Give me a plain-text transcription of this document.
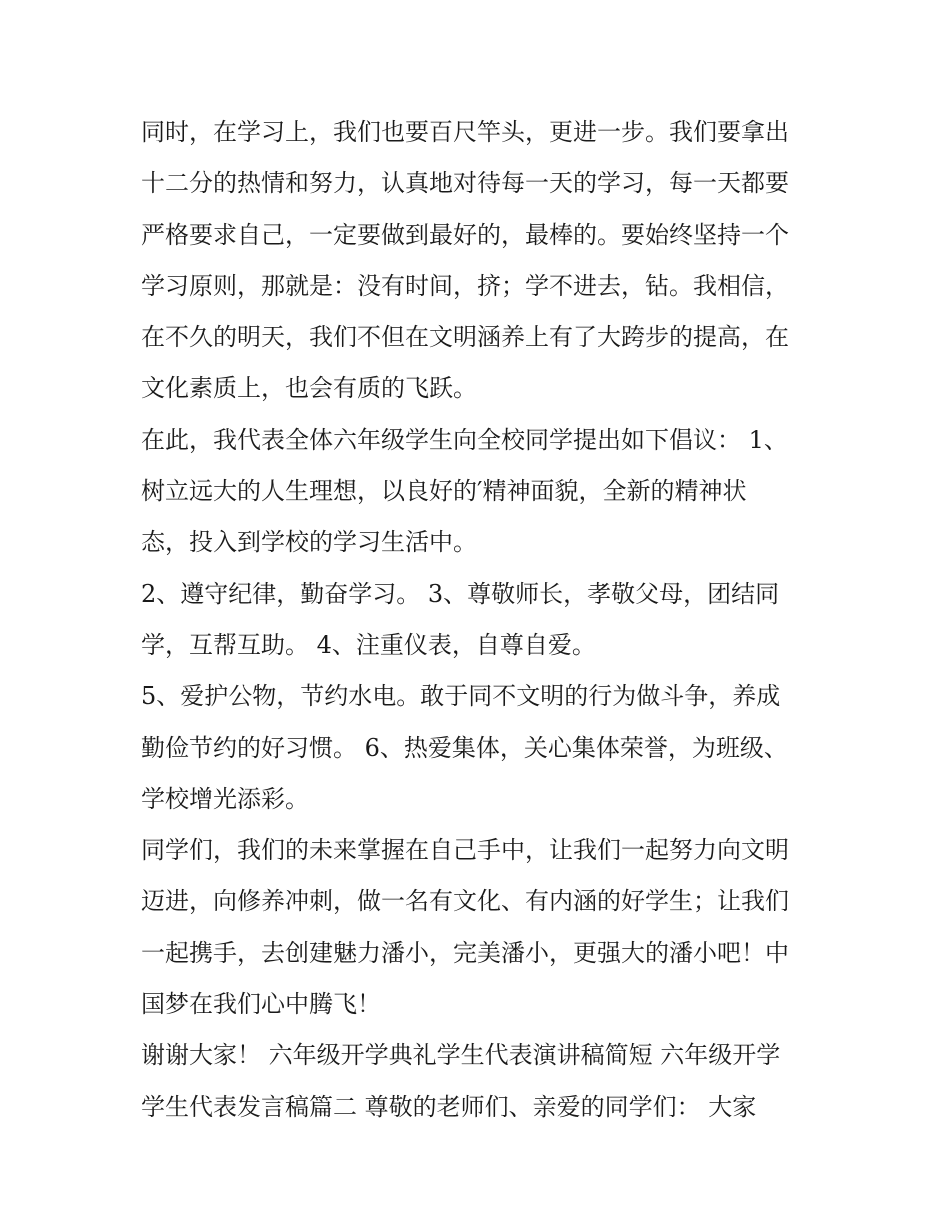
同时，在学习上，我们也要百尺竿头，更进一步。我们要拿出
十二分的热情和努力，认真地对待每一天的学习，每一天都要
严格要求自己，一定要做到最好的，最棒的。要始终坚持一个
学习原则，那就是：没有时间，挤；学不进去，钻。我相信，
在不久的明天，我们不但在文明涵养上有了大跨步的提高，在
文化素质上，也会有质的飞跃。
在此，我代表全体六年级学生向全校同学提出如下倡议： 1、
树立远大的人生理想，以良好的′精神面貌，全新的精神状
态，投入到学校的学习生活中。
2、遵守纪律，勤奋学习。 3、尊敬师长，孝敬父母，团结同
学，互帮互助。 4、注重仪表，自尊自爱。
5、爱护公物，节约水电。敢于同不文明的行为做斗争，养成
勤俭节约的好习惯。 6、热爱集体，关心集体荣誉，为班级、
学校增光添彩。
同学们，我们的未来掌握在自己手中，让我们一起努力向文明
迈进，向修养冲刺，做一名有文化、有内涵的好学生；让我们
一起携手，去创建魅力潘小，完美潘小，更强大的潘小吧！中
国梦在我们心中腾飞！
谢谢大家！ 六年级开学典礼学生代表演讲稿简短 六年级开学
学生代表发言稿篇二 尊敬的老师们、亲爱的同学们： 大家
